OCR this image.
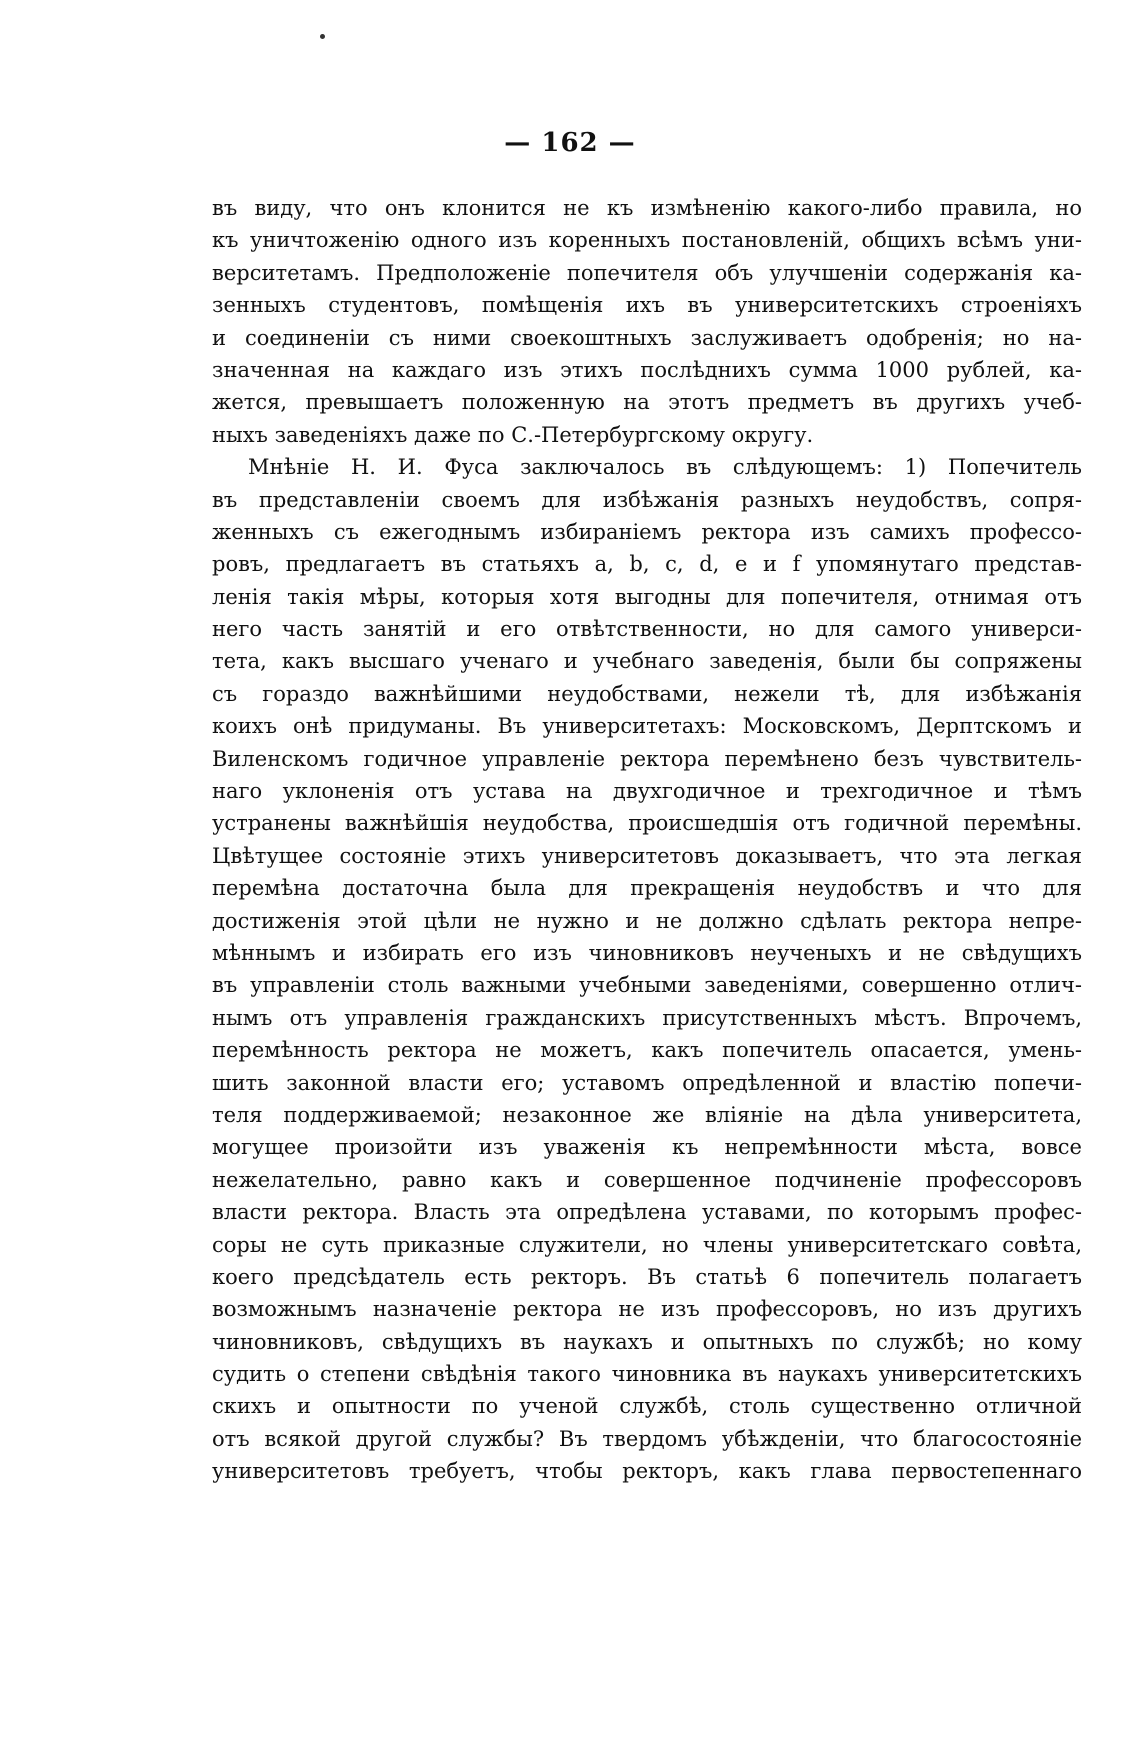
— 162 —
въ виду, что онъ клонится не къ измѣненію какого-либо правила, но
къ уничтоженію одного изъ коренныхъ постановленій, общихъ всѣмъ уни-
верситетамъ. Предположеніе попечителя объ улучшеніи содержанія ка-
зенныхъ студентовъ, помѣщенія ихъ въ университетскихъ строеніяхъ
и соединеніи съ ними своекоштныхъ заслуживаетъ одобренія; но на-
значенная на каждаго изъ этихъ послѣднихъ сумма 1000 рублей, ка-
жется, превышаетъ положенную на этотъ предметъ въ другихъ учеб-
ныхъ заведеніяхъ даже по С.-Петербургскому округу.
Мнѣніе Н. И. Фуса заключалось въ слѣдующемъ: 1) Попечитель
въ представленіи своемъ для избѣжанія разныхъ неудобствъ, сопря-
женныхъ съ ежегоднымъ избираніемъ ректора изъ самихъ профессо-
ровъ, предлагаетъ въ статьяхъ a, b, c, d, e и f упомянутаго представ-
ленія такія мѣры, которыя хотя выгодны для попечителя, отнимая отъ
него часть занятій и его отвѣтственности, но для самого универси-
тета, какъ высшаго ученаго и учебнаго заведенія, были бы сопряжены
съ гораздо важнѣйшими неудобствами, нежели тѣ, для избѣжанія
коихъ онѣ придуманы. Въ университетахъ: Московскомъ, Дерптскомъ и
Виленскомъ годичное управленіе ректора перемѣнено безъ чувствитель-
наго уклоненія отъ устава на двухгодичное и трехгодичное и тѣмъ
устранены важнѣйшія неудобства, происшедшія отъ годичной перемѣны.
Цвѣтущее состояніе этихъ университетовъ доказываетъ, что эта легкая
перемѣна достаточна была для прекращенія неудобствъ и что для
достиженія этой цѣли не нужно и не должно сдѣлать ректора непре-
мѣннымъ и избирать его изъ чиновниковъ неученыхъ и не свѣдущихъ
въ управленіи столь важными учебными заведеніями, совершенно отлич-
нымъ отъ управленія гражданскихъ присутственныхъ мѣстъ. Впрочемъ,
перемѣнность ректора не можетъ, какъ попечитель опасается, умень-
шить законной власти его; уставомъ опредѣленной и властію попечи-
теля поддерживаемой; незаконное же вліяніе на дѣла университета,
могущее произойти изъ уваженія къ непремѣнности мѣста, вовсе
нежелательно, равно какъ и совершенное подчиненіе профессоровъ
власти ректора. Власть эта опредѣлена уставами, по которымъ профес-
соры не суть приказные служители, но члены университетскаго совѣта,
коего предсѣдатель есть ректоръ. Въ статьѣ 6 попечитель полагаетъ
возможнымъ назначеніе ректора не изъ профессоровъ, но изъ другихъ
чиновниковъ, свѣдущихъ въ наукахъ и опытныхъ по службѣ; но кому
судить о степени свѣдѣнія такого чиновника въ наукахъ университетскихъ
скихъ и опытности по ученой службѣ, столь существенно отличной
отъ всякой другой службы? Въ твердомъ убѣжденіи, что благосостояніе
университетовъ требуетъ, чтобы ректоръ, какъ глава первостепеннаго
